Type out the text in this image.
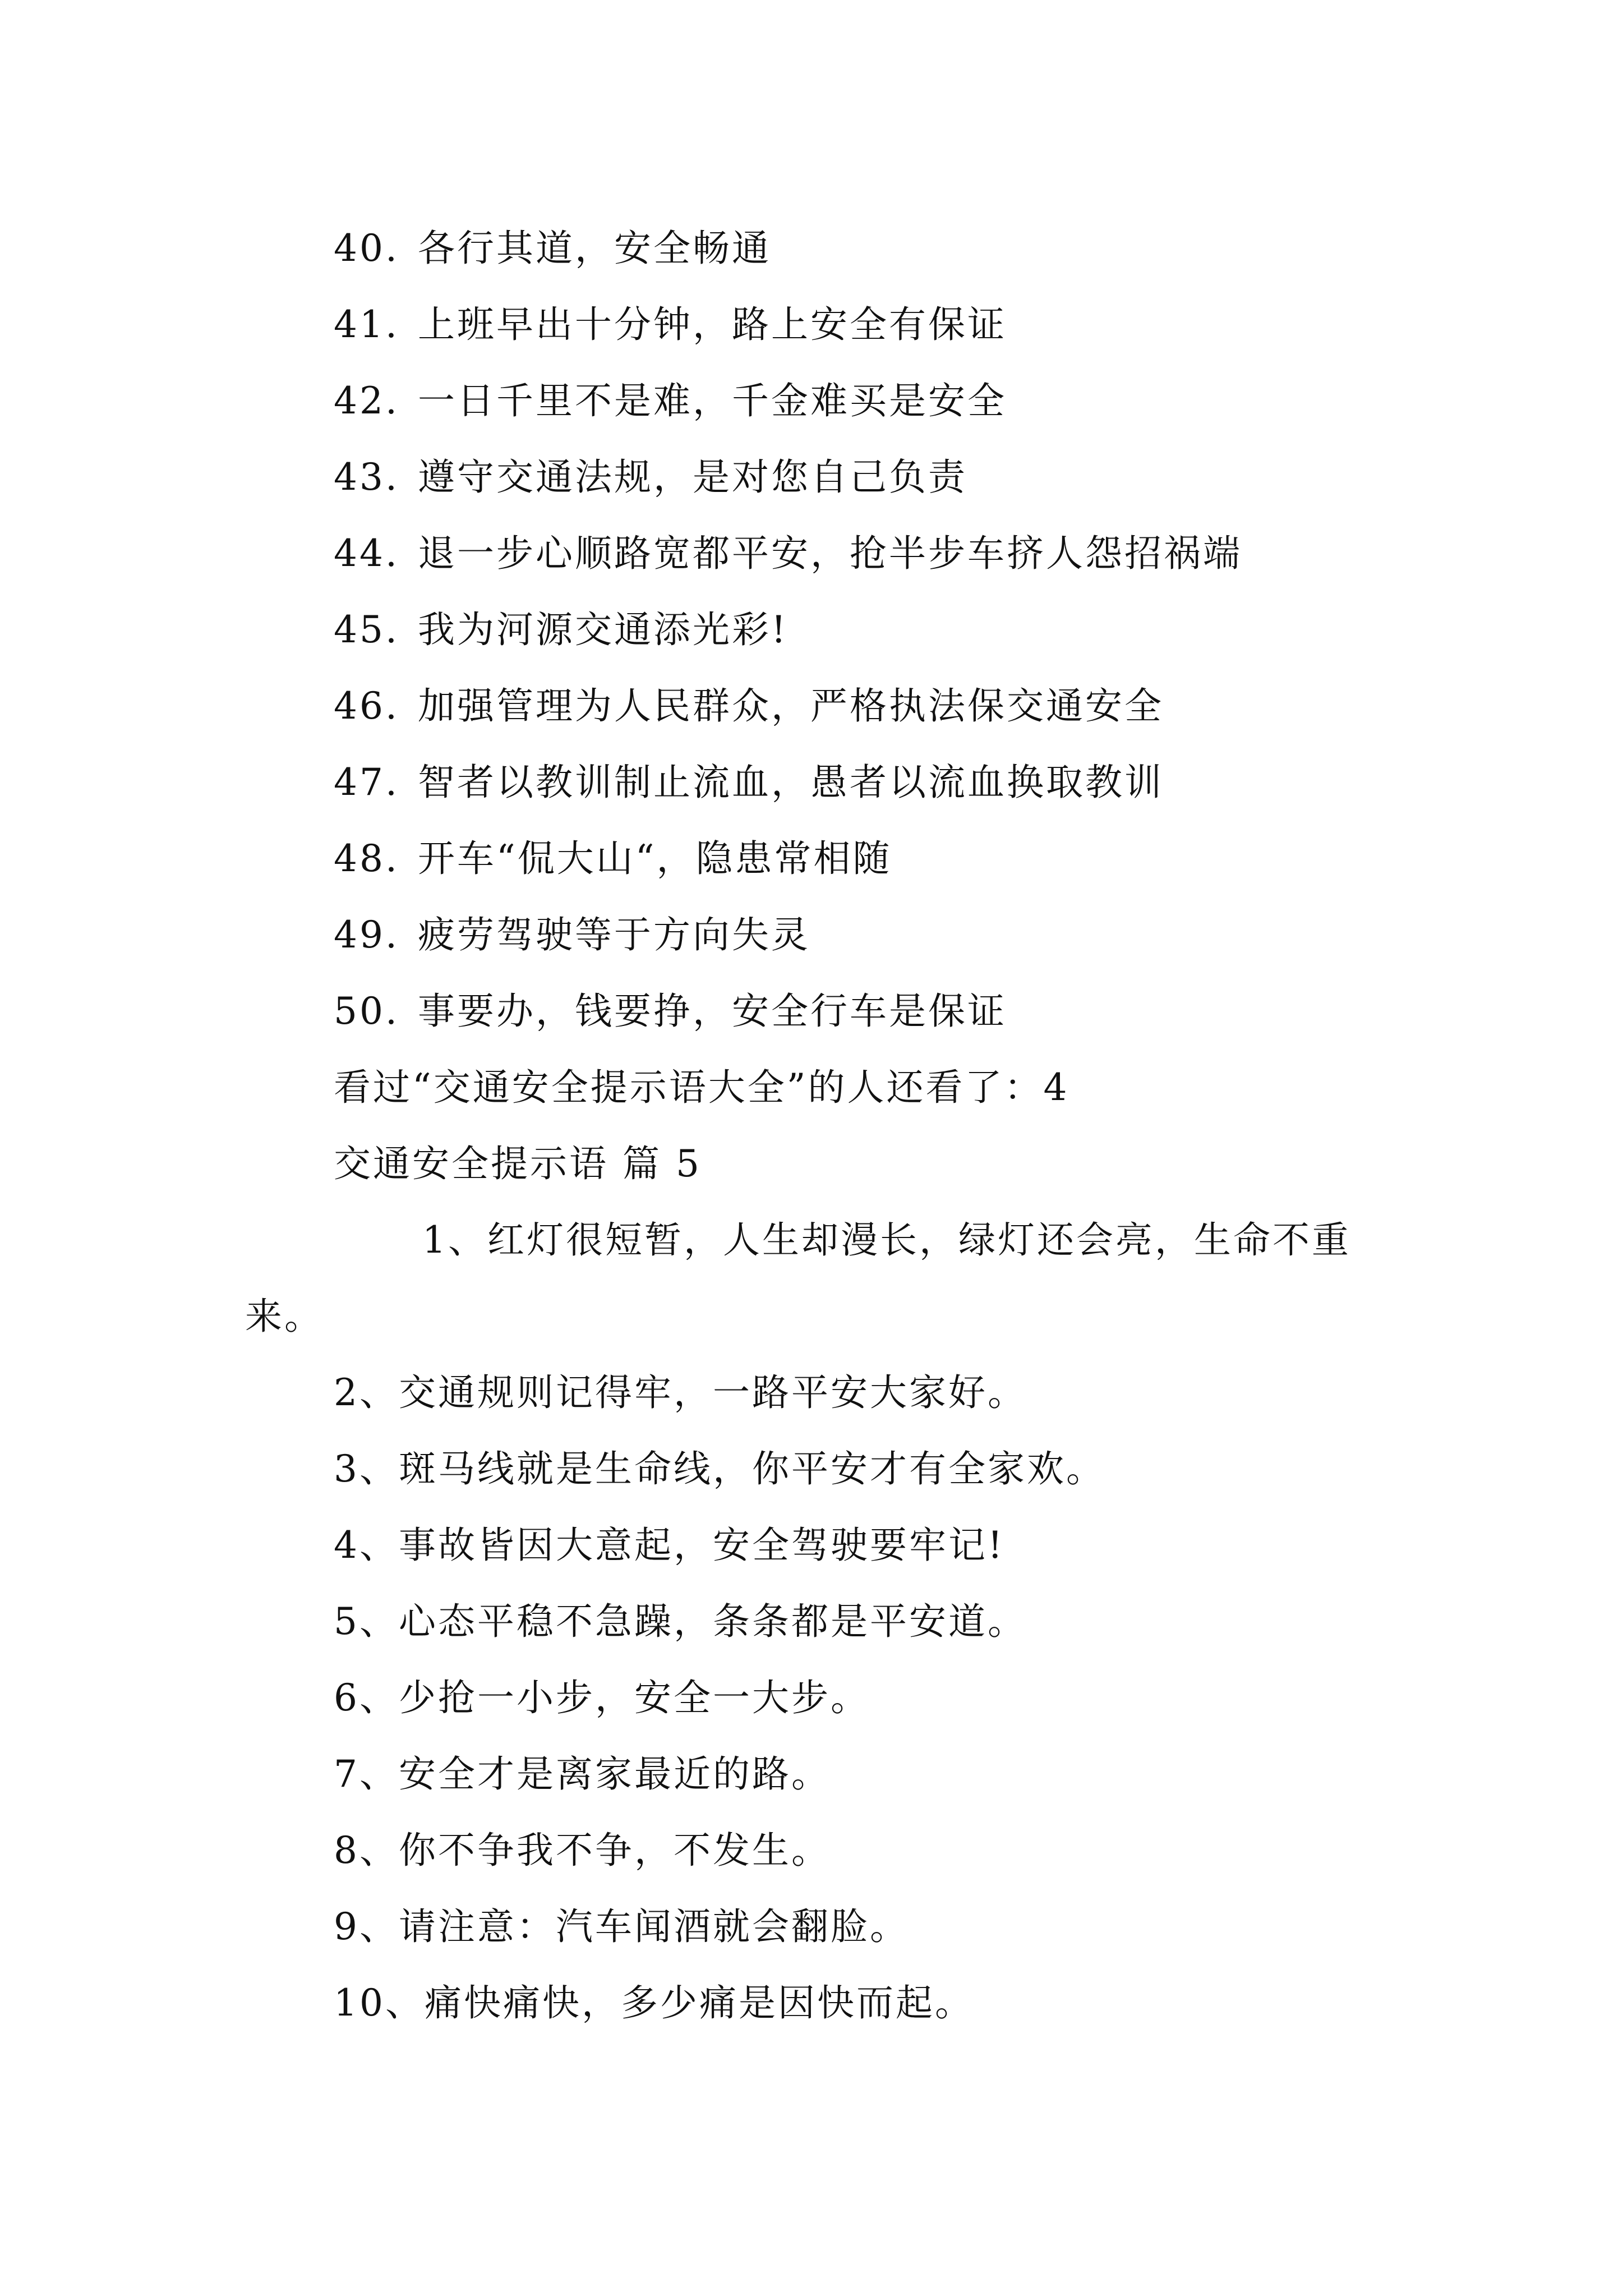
40. 各行其道，安全畅通
41. 上班早出十分钟，路上安全有保证
42. 一日千里不是难，千金难买是安全
43. 遵守交通法规，是对您自己负责
44. 退一步心顺路宽都平安，抢半步车挤人怨招祸端
45. 我为河源交通添光彩!
46. 加强管理为人民群众，严格执法保交通安全
47. 智者以教训制止流血，愚者以流血换取教训
48. 开车“侃大山“，隐患常相随
49. 疲劳驾驶等于方向失灵
50. 事要办，钱要挣，安全行车是保证
看过“交通安全提示语大全”的人还看了：4
交通安全提示语 篇 5
1、红灯很短暂，人生却漫长，绿灯还会亮，生命不重来。
2、交通规则记得牢，一路平安大家好。
3、斑马线就是生命线，你平安才有全家欢。
4、事故皆因大意起，安全驾驶要牢记!
5、心态平稳不急躁，条条都是平安道。
6、少抢一小步，安全一大步。
7、安全才是离家最近的路。
8、你不争我不争，不发生。
9、请注意：汽车闻酒就会翻脸。
10、痛快痛快，多少痛是因快而起。
